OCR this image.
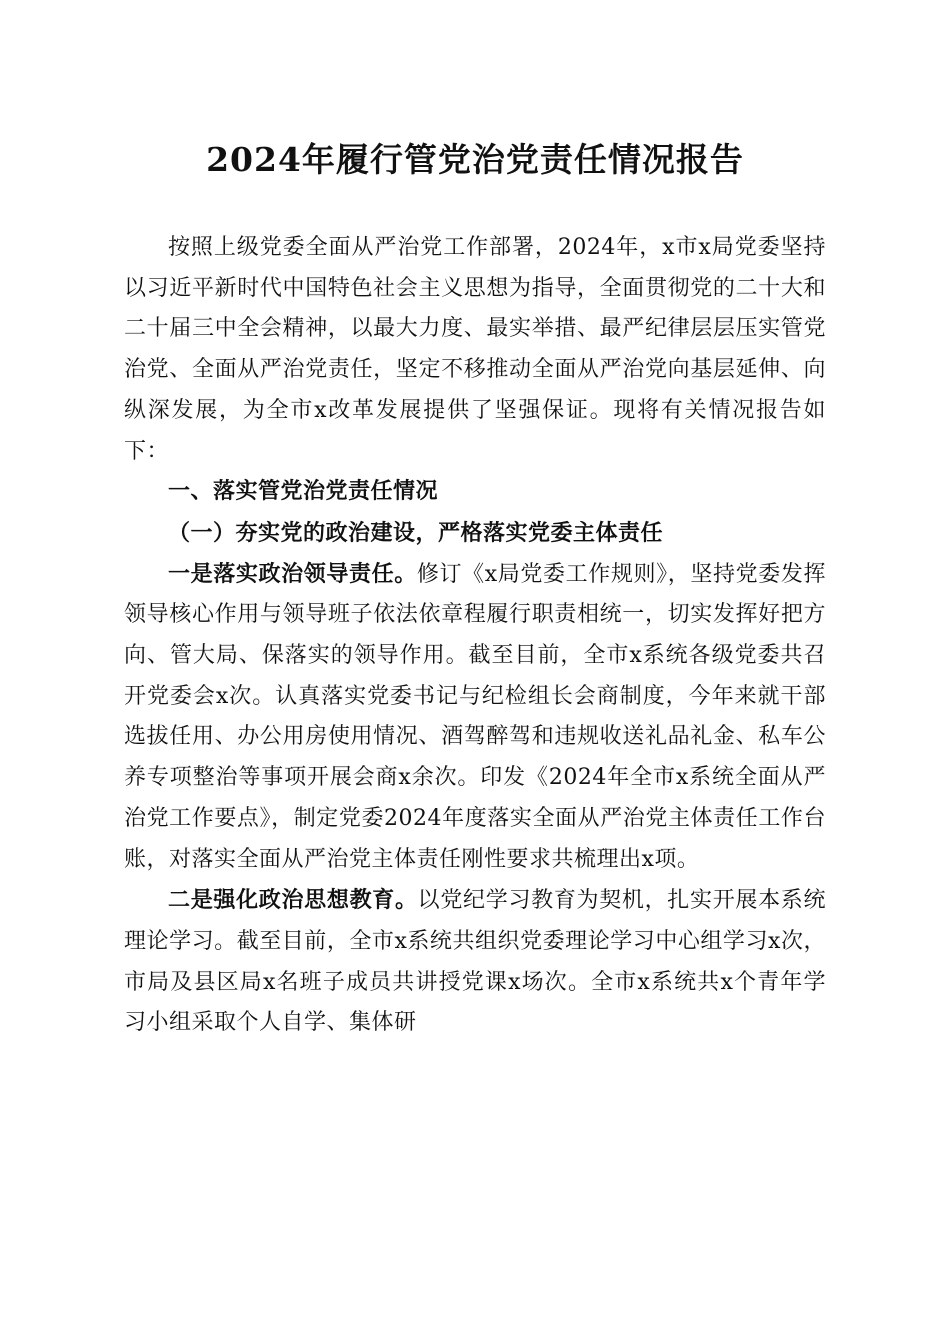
2024年履行管党治党责任情况报告

按照上级党委全面从严治党工作部署，2024年，x市x局党委坚持以习近平新时代中国特色社会主义思想为指导，全面贯彻党的二十大和二十届三中全会精神，以最大力度、最实举措、最严纪律层层压实管党治党、全面从严治党责任，坚定不移推动全面从严治党向基层延伸、向纵深发展，为全市x改革发展提供了坚强保证。现将有关情况报告如下：

一、落实管党治党责任情况

（一）夯实党的政治建设，严格落实党委主体责任

一是落实政治领导责任。修订《x局党委工作规则》，坚持党委发挥领导核心作用与领导班子依法依章程履行职责相统一，切实发挥好把方向、管大局、保落实的领导作用。截至目前，全市x系统各级党委共召开党委会x次。认真落实党委书记与纪检组长会商制度，今年来就干部选拔任用、办公用房使用情况、酒驾醉驾和违规收送礼品礼金、私车公养专项整治等事项开展会商x余次。印发《2024年全市x系统全面从严治党工作要点》，制定党委2024年度落实全面从严治党主体责任工作台账，对落实全面从严治党主体责任刚性要求共梳理出x项。

二是强化政治思想教育。以党纪学习教育为契机，扎实开展本系统理论学习。截至目前，全市x系统共组织党委理论学习中心组学习x次，市局及县区局x名班子成员共讲授党课x场次。全市x系统共x个青年学习小组采取个人自学、集体研
